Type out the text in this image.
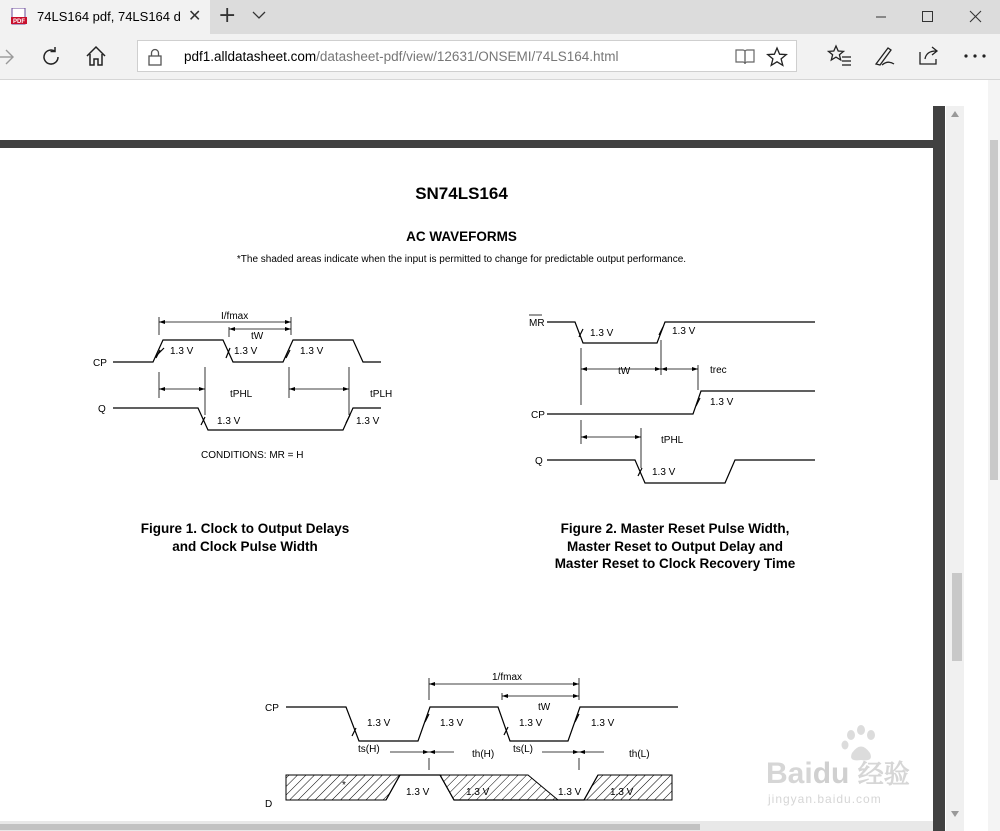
PDF 74LS164 pdf, 74LS164 d ✕ +
pdf1.alldatasheet.com/datasheet-pdf/view/12631/ONSEMI/74LS164.html
SN74LS164
AC WAVEFORMS
*The shaded areas indicate when the input is permitted to change for predictable output performance.
CP
Q
I/fmax
tW
tPHL	tPLH
1.3 V	1.3 V	1.3 V
1.3 V	1.3 V
CONDITIONS: MR = H
Figure 1. Clock to Output Delays
and Clock Pulse Width
MR
CP
Q
tW	trec
tPHL
1.3 V	1.3 V
1.3 V
1.3 V
Figure 2. Master Reset Pulse Width,
Master Reset to Output Delay and
Master Reset to Clock Recovery Time
D
CP
1/fmax
tW
ts(H)	th(H) ts(L)	th(L)
1.3 V	1.3 V	1.3 V	1.3 V
1.3 V	1.3 V	1.3 V	1.3 V
*	Baidu 经验
jingyan.baidu.com
